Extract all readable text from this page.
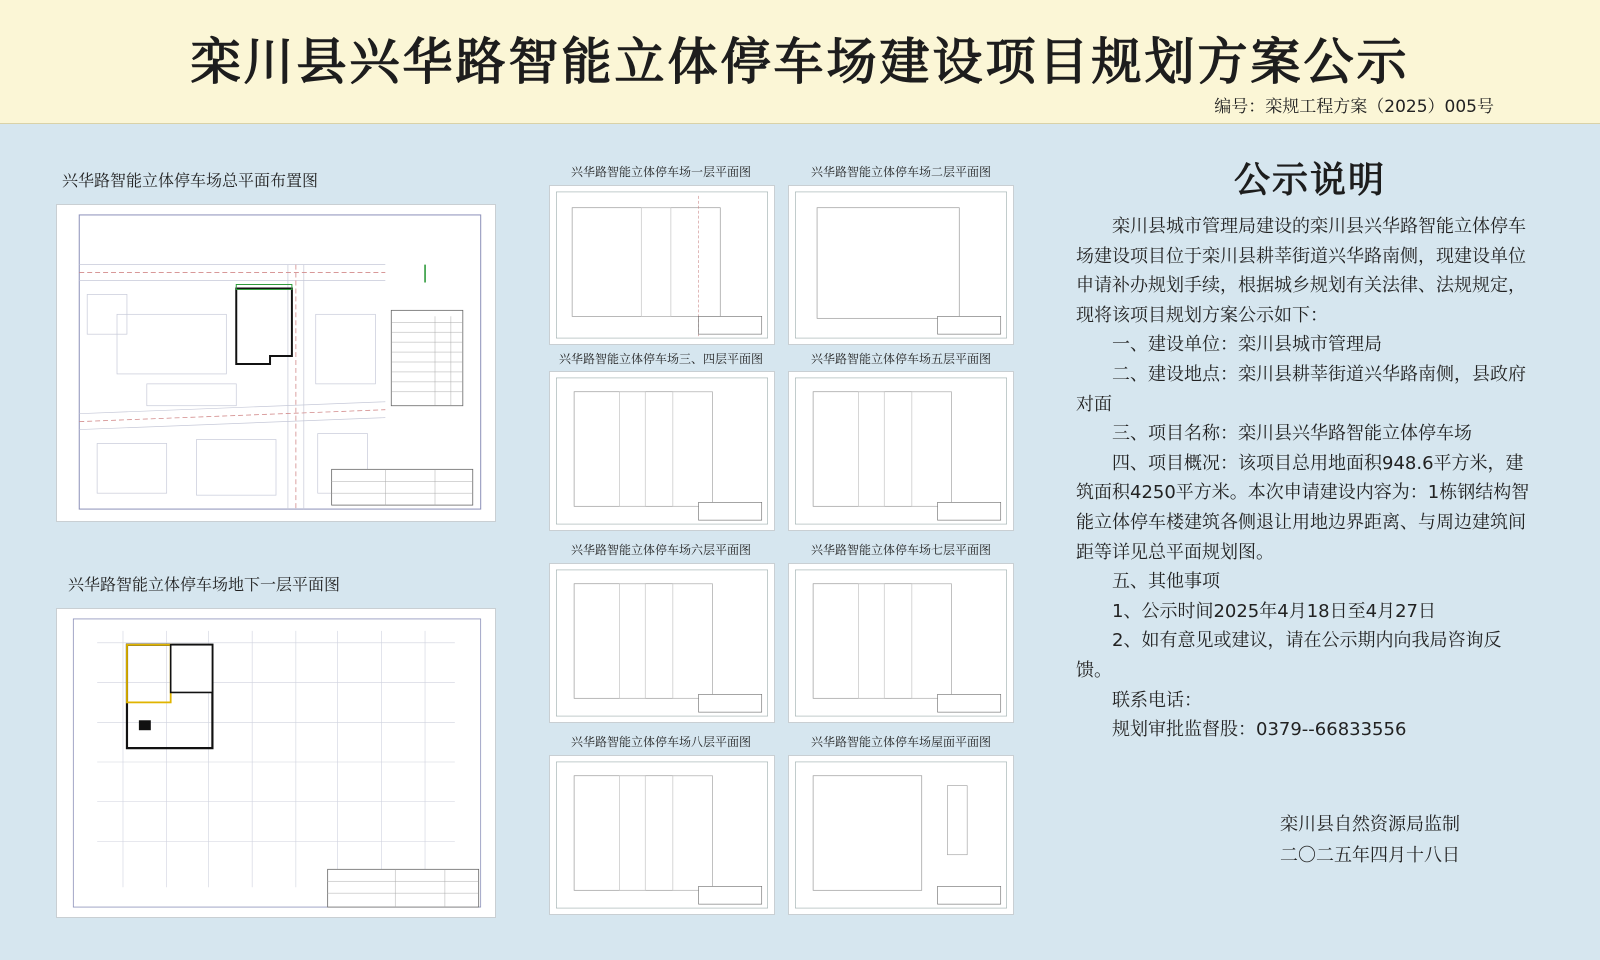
栾川县兴华路智能立体停车场建设项目规划方案公示
编号：栾规工程方案（2025）005号
兴华路智能立体停车场总平面布置图
兴华路智能立体停车场地下一层平面图
兴华路智能立体停车场一层平面图
兴华路智能立体停车场三、四层平面图
兴华路智能立体停车场六层平面图
兴华路智能立体停车场八层平面图
兴华路智能立体停车场二层平面图
兴华路智能立体停车场五层平面图
兴华路智能立体停车场七层平面图
兴华路智能立体停车场屋面平面图
公示说明

栾川县城市管理局建设的栾川县兴华路智能立体停车场建设项目位于栾川县耕莘街道兴华路南侧，现建设单位申请补办规划手续，根据城乡规划有关法律、法规规定，现将该项目规划方案公示如下：

一、建设单位：栾川县城市管理局

二、建设地点：栾川县耕莘街道兴华路南侧，县政府对面

三、项目名称：栾川县兴华路智能立体停车场

四、项目概况：该项目总用地面积948.6平方米，建筑面积4250平方米。本次申请建设内容为：1栋钢结构智能立体停车楼建筑各侧退让用地边界距离、与周边建筑间距等详见总平面规划图。

五、其他事项

1、公示时间2025年4月18日至4月27日

2、如有意见或建议，请在公示期内向我局咨询反馈。

联系电话：

规划审批监督股：0379--66833556

栾川县自然资源局监制
二〇二五年四月十八日
